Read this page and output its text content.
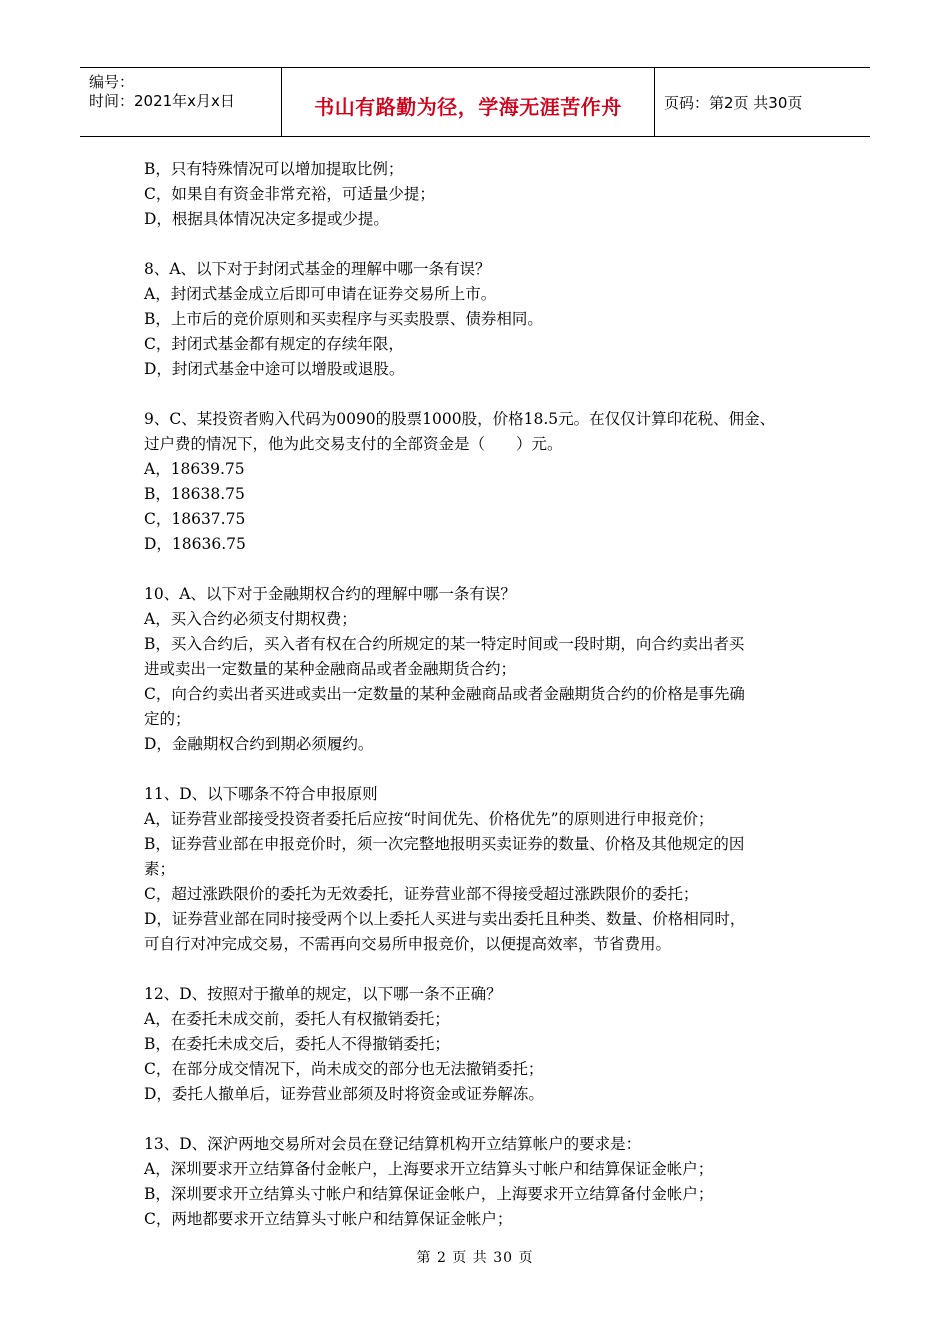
编号：
时间：2021年x月x日	书山有路勤为径，学海无涯苦作舟	页码：第2页 共30页
B，只有特殊情况可以增加提取比例；
C，如果自有资金非常充裕，可适量少提；
D，根据具体情况决定多提或少提。
8、A、以下对于封闭式基金的理解中哪一条有误？
A，封闭式基金成立后即可申请在证券交易所上市。
B，上市后的竞价原则和买卖程序与买卖股票、债券相同。
C，封闭式基金都有规定的存续年限，
D，封闭式基金中途可以增股或退股。
9、C、某投资者购入代码为0090的股票1000股，价格18.5元。在仅仅计算印花税、佣金、
过户费的情况下，他为此交易支付的全部资金是（　　）元。
A，18639.75
B，18638.75
C，18637.75
D，18636.75
10、A、以下对于金融期权合约的理解中哪一条有误？
A，买入合约必须支付期权费；
B，买入合约后，买入者有权在合约所规定的某一特定时间或一段时期，向合约卖出者买
进或卖出一定数量的某种金融商品或者金融期货合约；
C，向合约卖出者买进或卖出一定数量的某种金融商品或者金融期货合约的价格是事先确
定的；
D，金融期权合约到期必须履约。
11、D、以下哪条不符合申报原则
A，证券营业部接受投资者委托后应按“时间优先、价格优先”的原则进行申报竞价；
B，证券营业部在申报竞价时，须一次完整地报明买卖证券的数量、价格及其他规定的因
素；
C，超过涨跌限价的委托为无效委托，证券营业部不得接受超过涨跌限价的委托；
D，证券营业部在同时接受两个以上委托人买进与卖出委托且种类、数量、价格相同时，
可自行对冲完成交易，不需再向交易所申报竞价，以便提高效率，节省费用。
12、D、按照对于撤单的规定，以下哪一条不正确？
A，在委托未成交前，委托人有权撤销委托；
B，在委托未成交后，委托人不得撤销委托；
C，在部分成交情况下，尚未成交的部分也无法撤销委托；
D，委托人撤单后，证券营业部须及时将资金或证券解冻。
13、D、深沪两地交易所对会员在登记结算机构开立结算帐户的要求是：
A，深圳要求开立结算备付金帐户，上海要求开立结算头寸帐户和结算保证金帐户；
B，深圳要求开立结算头寸帐户和结算保证金帐户，上海要求开立结算备付金帐户；
C，两地都要求开立结算头寸帐户和结算保证金帐户；
第 2 页 共 30 页
